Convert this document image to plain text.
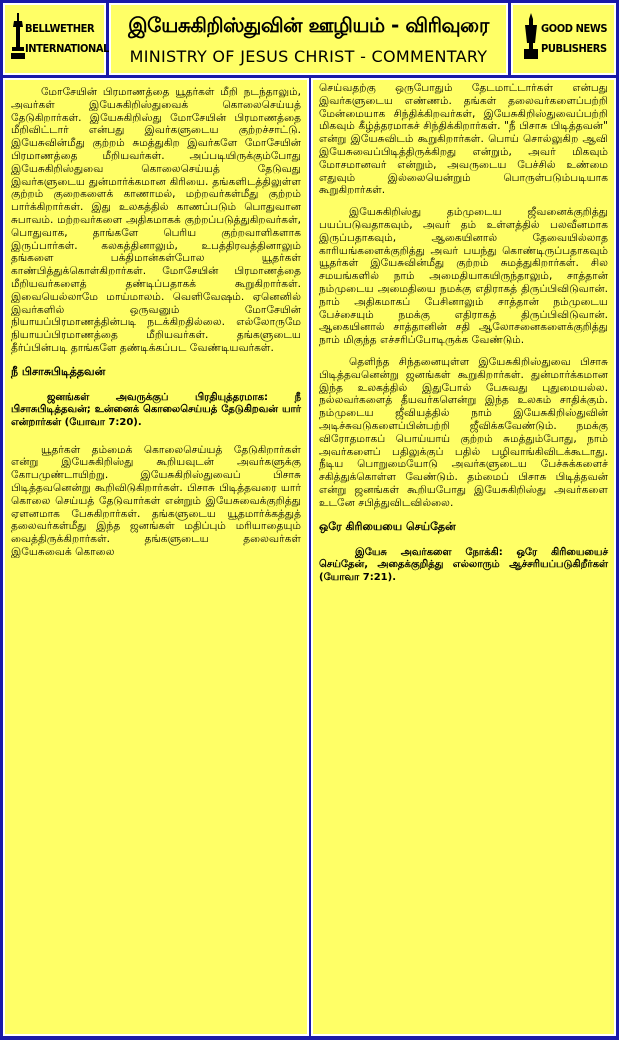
BELLWETHER
INTERNATIONAL
இயேசுகிறிஸ்துவின் ஊழியம் - விரிவுரை
MINISTRY OF JESUS CHRIST - COMMENTARY
GOOD NEWS
PUBLISHERS

மோசேயின் பிரமாணத்தை யூதர்கள் மீறி நடந்தாலும், அவர்கள் இயேசுகிறிஸ்துவைக் கொலைசெய்யத் தேடுகிறார்கள். இயேசுகிறிஸ்து மோசேயின் பிரமாணத்தை மீறிவிட்டார் என்பது இவர்களுடைய குற்றச்சாட்டு. இயேசுவின்மீது குற்றம் சுமத்துகிற இவர்களே மோசேயின் பிரமாணத்தை மீறியவர்கள். அப்படியிருக்கும்போது இயேசுகிறிஸ்துவை கொலைசெய்யத் தேடுவது இவர்களுடைய துன்மார்க்கமான கிரியை. தங்களிடத்திலுள்ள குற்றம் குறைகளைக் காணாமல், மற்றவர்கள்மீது குற்றம் பார்க்கிறார்கள். இது உலகத்தில் காணப்படும் பொதுவான சுபாவம். மற்றவர்களை அதிகமாகக் குற்றப்படுத்துகிறவர்கள், பொதுவாக, தாங்களே பெரிய குற்றவாளிகளாக இருப்பார்கள். கலகத்தினாலும், உபத்திரவத்தினாலும் தங்களை பக்திமான்கள்போல யூதர்கள் காண்பித்துக்கொள்கிறார்கள். மோசேயின் பிரமாணத்தை மீறியவர்களைத் தண்டிப்பதாகக் கூறுகிறார்கள். இவையெல்லாமே மாய்மாலம். வெளிவேஷம். ஏனெனில் இவர்களில் ஒருவனும் மோசேயின் நியாயப்பிரமாணத்தின்படி நடக்கிறதில்லை. எல்லோருமே நியாயப்பிரமாணத்தை மீறியவர்கள். தங்களுடைய தீர்ப்பின்படி தாங்களே தண்டிக்கப்பட வேண்டியவர்கள்.

நீ பிசாசுபிடித்தவன்

ஜனங்கள் அவருக்குப் பிரதியுத்தரமாக: நீ பிசாசுபிடித்தவன்; உன்னைக் கொலைசெய்யத் தேடுகிறவன் யார் என்றார்கள் (யோவா 7:20).

யூதர்கள் தம்மைக் கொலைசெய்யத் தேடுகிறார்கள் என்று இயேசுகிறிஸ்து கூறியவுடன் அவர்களுக்கு கோபமுண்டாயிற்று. இயேசுகிறிஸ்துவைப் பிசாசு பிடித்தவனென்று கூறிவிடுகிறார்கள். பிசாசு பிடித்தவரை யார் கொலை செய்யத் தேடுவார்கள் என்றும் இயேசுவைக்குறித்து ஏளனமாக பேசுகிறார்கள். தங்களுடைய யூதமார்க்கத்துத் தலைவர்கள்மீது இந்த ஜனங்கள் மதிப்பும் மரியாதையும் வைத்திருக்கிறார்கள். தங்களுடைய தலைவர்கள் இயேசுவைக் கொலை

செய்வதற்கு ஒருபோதும் தேடமாட்டார்கள் என்பது இவர்களுடைய எண்ணம். தங்கள் தலைவர்களைப்பற்றி மேன்மையாக சிந்திக்கிறவர்கள், இயேசுகிறிஸ்துவைப்பற்றி மிகவும் கீழ்த்தரமாகச் சிந்திக்கிறார்கள். "நீ பிசாசு பிடித்தவன்" என்று இயேசுவிடம் கூறுகிறார்கள். பொய் சொல்லுகிற ஆவி இயேசுவைப்பிடித்திருக்கிறது என்றும், அவர் மிகவும் மோசமானவர் என்றும், அவருடைய பேச்சில் உண்மை எதுவும் இல்லையென்றும் பொருள்படும்படியாக கூறுகிறார்கள்.

இயேசுகிறிஸ்து தம்முடைய ஜீவனைக்குறித்து பயப்படுவதாகவும், அவர் தம் உள்ளத்தில் பலவீனமாக இருப்பதாகவும், ஆகையினால் தேவையில்லாத காரியங்களைக்குறித்து அவர் பயந்து கொண்டிருப்பதாகவும் யூதர்கள் இயேசுவின்மீது குற்றம் சுமத்துகிறார்கள். சில சமயங்களில் நாம் அமைதியாகயிருந்தாலும், சாத்தான் நம்முடைய அமைதியை நமக்கு எதிராகத் திருப்பிவிடுவான். நாம் அதிகமாகப் பேசினாலும் சாத்தான் நம்முடைய பேச்சையும் நமக்கு எதிராகத் திருப்பிவிடுவான். ஆகையினால் சாத்தானின் சதி ஆலோசனைகளைக்குறித்து நாம் மிகுந்த எச்சரிப்போடிருக்க வேண்டும்.

தெளிந்த சிந்தனையுள்ள இயேசுகிறிஸ்துவை பிசாசு பிடித்தவனென்று ஜனங்கள் கூறுகிறார்கள். துன்மார்க்கமான இந்த உலகத்தில் இதுபோல் பேசுவது புதுமையல்ல. நல்லவர்களைத் தீயவர்களென்று இந்த உலகம் சாதிக்கும். நம்முடைய ஜீவியத்தில் நாம் இயேசுகிறிஸ்துவின் அடிச்சுவடுகளைப்பின்பற்றி ஜீவிக்கவேண்டும். நமக்கு விரோதமாகப் பொய்யாய் குற்றம் சுமத்தும்போது, நாம் அவர்களைப் பதிலுக்குப் பதில் பழிவாங்கிவிடக்கூடாது. நீடிய பொறுமையோடு அவர்களுடைய பேச்சுக்களைச் சகித்துக்கொள்ள வேண்டும். தம்மைப் பிசாசு பிடித்தவன் என்று ஜனங்கள் கூறியபோது இயேசுகிறிஸ்து அவர்களை உடனே சபித்துவிடவில்லை.

ஒரே கிரியையை செய்தேன்

இயேசு அவர்களை நோக்கி: ஒரே கிரியையைச் செய்தேன், அதைக்குறித்து எல்லாரும் ஆச்சரியப்படுகிறீர்கள் (யோவா 7:21).
